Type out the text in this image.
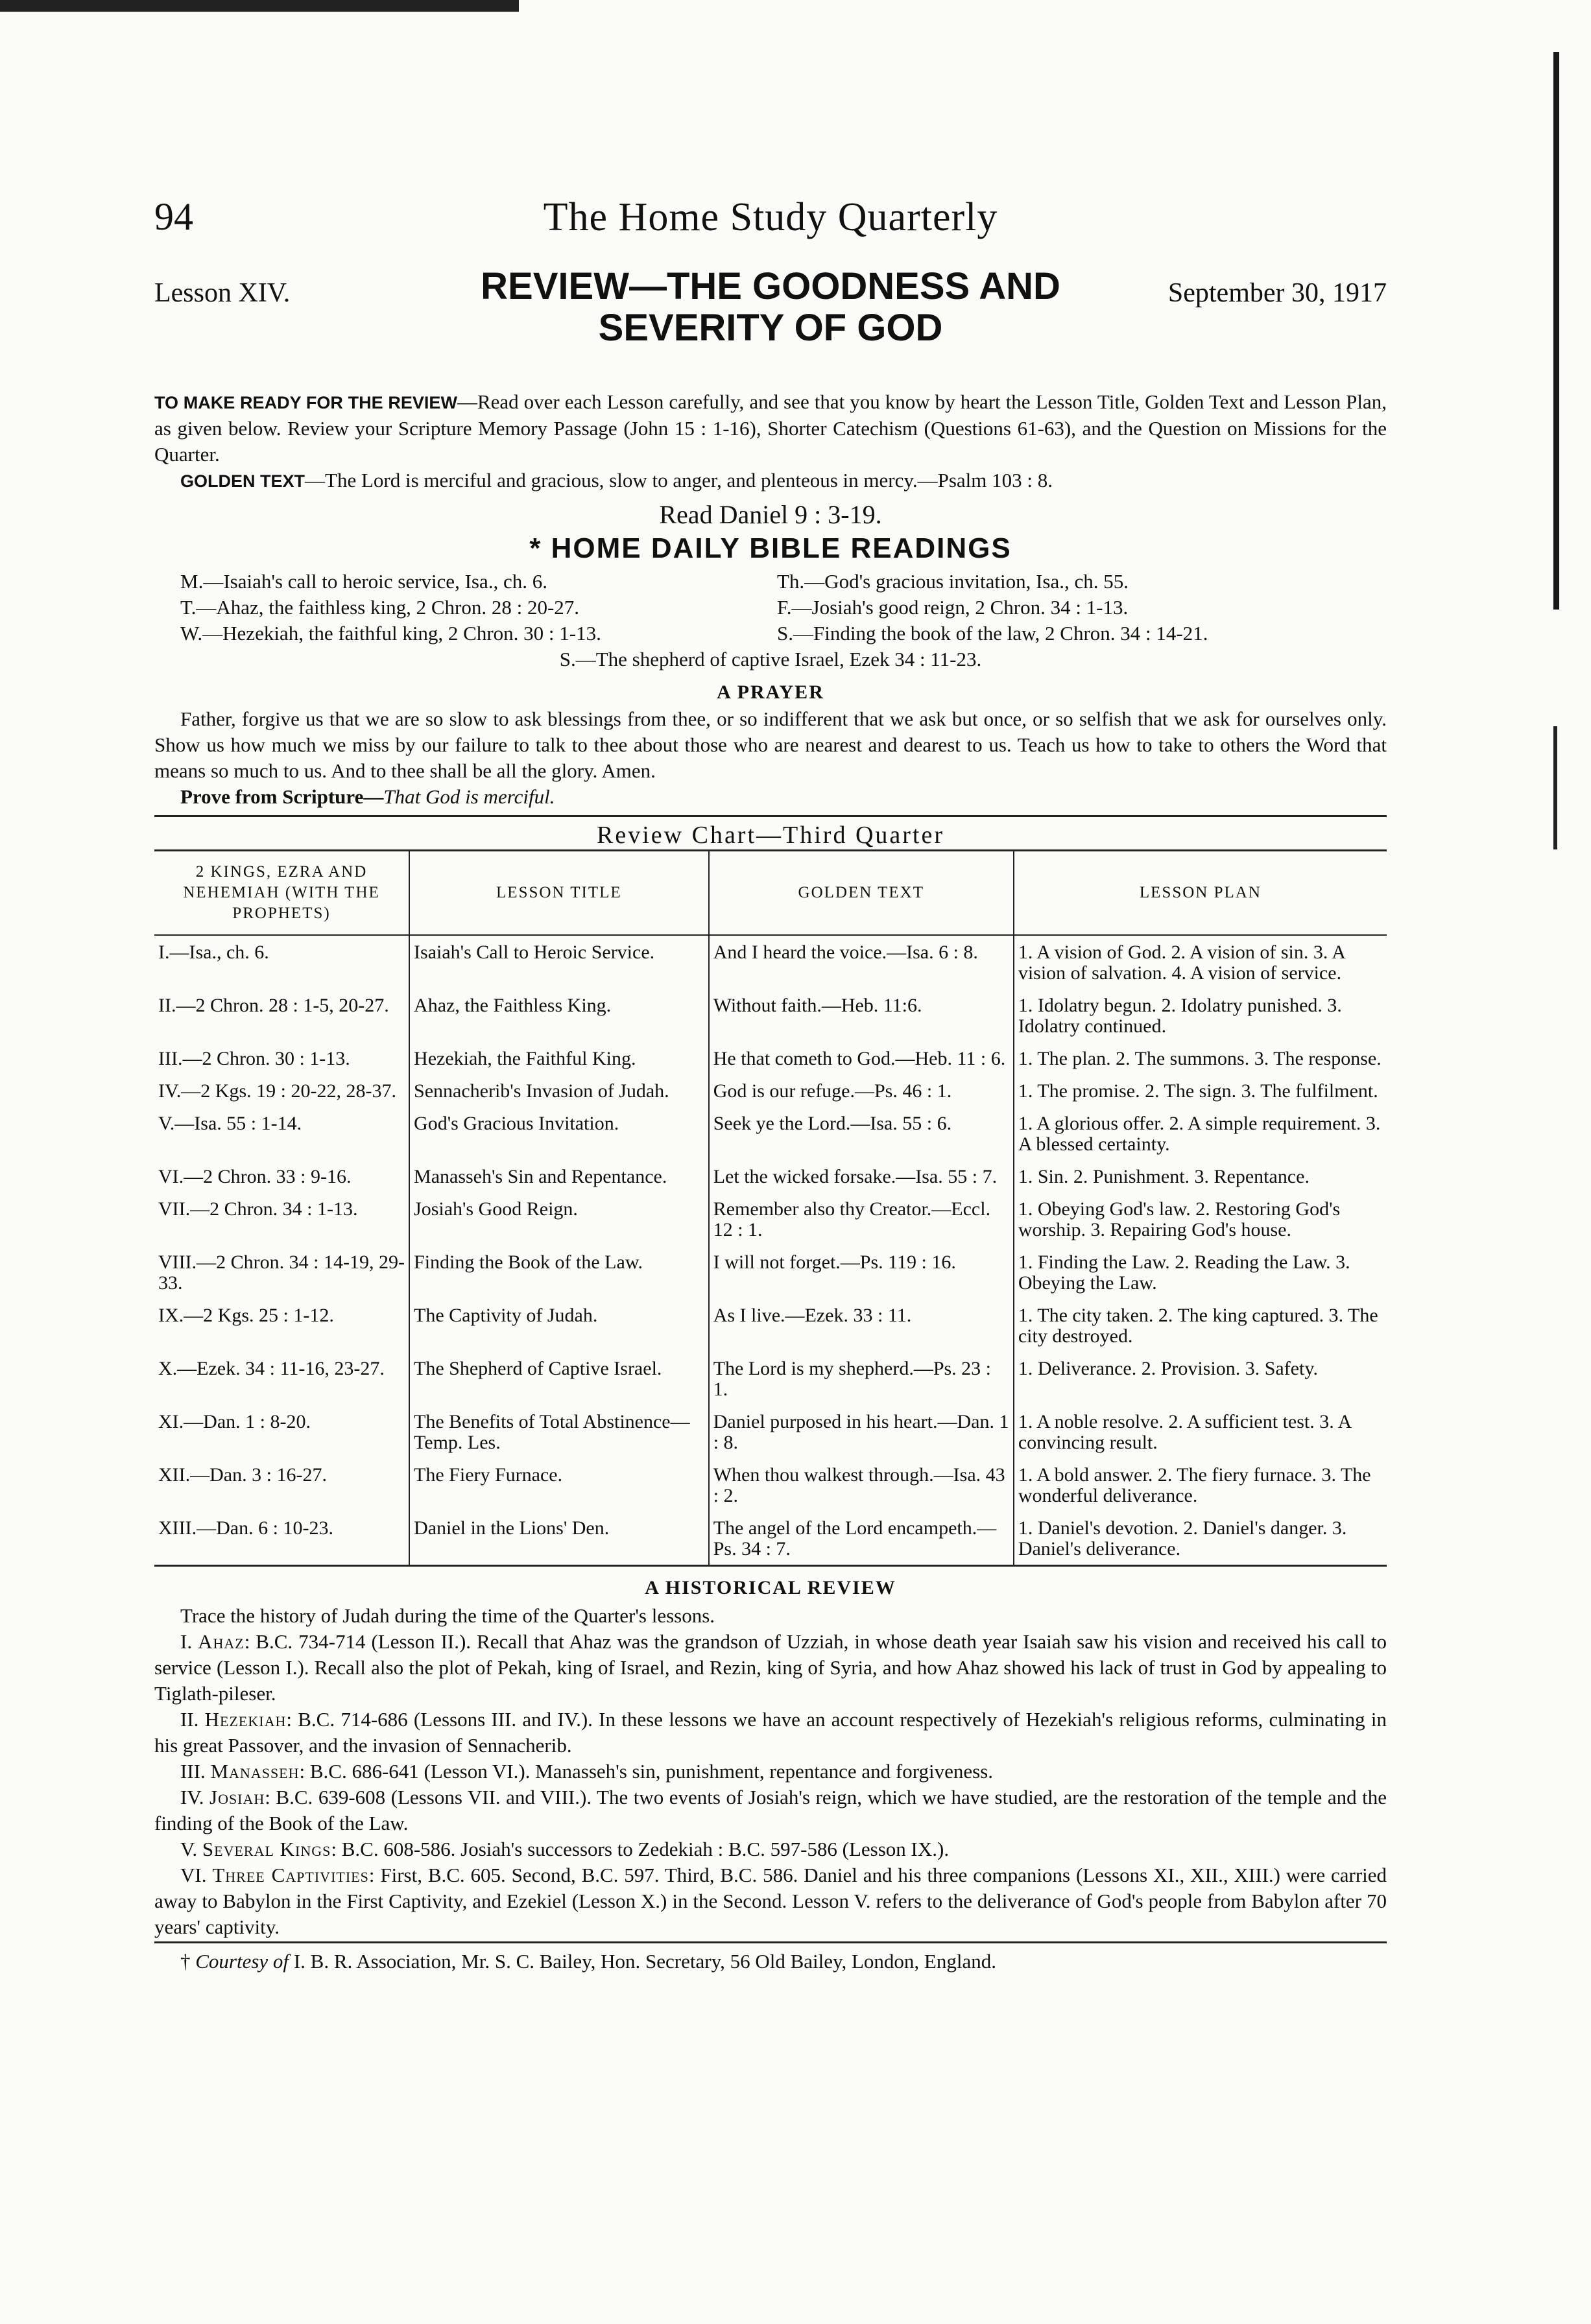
94	The Home Study Quarterly
Lesson XIV.	REVIEW—THE GOODNESS AND
SEVERITY OF GOD
September 30, 1917

TO MAKE READY FOR THE REVIEW—Read over each Lesson carefully, and see that you know by heart the Lesson Title, Golden Text and Lesson Plan, as given below. Review your Scripture Memory Passage (John 15 : 1-16), Shorter Catechism (Questions 61-63), and the Question on Missions for the Quarter.

GOLDEN TEXT—The Lord is merciful and gracious, slow to anger, and plenteous in mercy.—Psalm 103 : 8.

Read Daniel 9 : 3-19.
* HOME DAILY BIBLE READINGS
M.—Isaiah's call to heroic service, Isa., ch. 6.	Th.—God's gracious invitation, Isa., ch. 55.
T.—Ahaz, the faithless king, 2 Chron. 28 : 20-27.	F.—Josiah's good reign, 2 Chron. 34 : 1-13.
W.—Hezekiah, the faithful king, 2 Chron. 30 : 1-13.	S.—Finding the book of the law, 2 Chron. 34 : 14-21.
S.—The shepherd of captive Israel, Ezek 34 : 11-23.
A PRAYER

Father, forgive us that we are so slow to ask blessings from thee, or so indifferent that we ask but once, or so selfish that we ask for ourselves only. Show us how much we miss by our failure to talk to thee about those who are nearest and dearest to us. Teach us how to take to others the Word that means so much to us. And to thee shall be all the glory. Amen.

Prove from Scripture—That God is merciful.
Review Chart—Third Quarter
2 KINGS, EZRA AND NEHEMIAH (WITH THE PROPHETS)	LESSON TITLE	GOLDEN TEXT	LESSON PLAN
I.—Isa., ch. 6.	Isaiah's Call to Heroic Service.	And I heard the voice.—Isa. 6 : 8.	1. A vision of God. 2. A vision of sin. 3. A vision of salvation. 4. A vision of service.
II.—2 Chron. 28 : 1-5, 20-27.	Ahaz, the Faithless King.	Without faith.—Heb. 11:6.	1. Idolatry begun. 2. Idolatry punished. 3. Idolatry continued.
III.—2 Chron. 30 : 1-13.	Hezekiah, the Faithful King.	He that cometh to God.—Heb. 11 : 6.	1. The plan. 2. The summons. 3. The response.
IV.—2 Kgs. 19 : 20-22, 28-37.	Sennacherib's Invasion of Judah.	God is our refuge.—Ps. 46 : 1.	1. The promise. 2. The sign. 3. The fulfilment.
V.—Isa. 55 : 1-14.	God's Gracious Invitation.	Seek ye the Lord.—Isa. 55 : 6.	1. A glorious offer. 2. A simple requirement. 3. A blessed certainty.
VI.—2 Chron. 33 : 9-16.	Manasseh's Sin and Repentance.	Let the wicked forsake.—Isa. 55 : 7.	1. Sin. 2. Punishment. 3. Repentance.
VII.—2 Chron. 34 : 1-13.	Josiah's Good Reign.	Remember also thy Creator.—Eccl. 12 : 1.	1. Obeying God's law. 2. Restoring God's worship. 3. Repairing God's house.
VIII.—2 Chron. 34 : 14-19, 29-33.	Finding the Book of the Law.	I will not forget.—Ps. 119 : 16.	1. Finding the Law. 2. Reading the Law. 3. Obeying the Law.
IX.—2 Kgs. 25 : 1-12.	The Captivity of Judah.	As I live.—Ezek. 33 : 11.	1. The city taken. 2. The king captured. 3. The city destroyed.
X.—Ezek. 34 : 11-16, 23-27.	The Shepherd of Captive Israel.	The Lord is my shepherd.—Ps. 23 : 1.	1. Deliverance. 2. Provision. 3. Safety.
XI.—Dan. 1 : 8-20.	The Benefits of Total Abstinence—Temp. Les.	Daniel purposed in his heart.—Dan. 1 : 8.	1. A noble resolve. 2. A sufficient test. 3. A convincing result.
XII.—Dan. 3 : 16-27.	The Fiery Furnace.	When thou walkest through.—Isa. 43 : 2.	1. A bold answer. 2. The fiery furnace. 3. The wonderful deliverance.
XIII.—Dan. 6 : 10-23.	Daniel in the Lions' Den.	The angel of the Lord encampeth.—Ps. 34 : 7.	1. Daniel's devotion. 2. Daniel's danger. 3. Daniel's deliverance.
A HISTORICAL REVIEW

Trace the history of Judah during the time of the Quarter's lessons.

I. Ahaz: B.C. 734-714 (Lesson II.). Recall that Ahaz was the grandson of Uzziah, in whose death year Isaiah saw his vision and received his call to service (Lesson I.). Recall also the plot of Pekah, king of Israel, and Rezin, king of Syria, and how Ahaz showed his lack of trust in God by appealing to Tiglath-pileser.

II. Hezekiah: B.C. 714-686 (Lessons III. and IV.). In these lessons we have an account respectively of Hezekiah's religious reforms, culminating in his great Passover, and the invasion of Sennacherib.

III. Manasseh: B.C. 686-641 (Lesson VI.). Manasseh's sin, punishment, repentance and forgiveness.

IV. Josiah: B.C. 639-608 (Lessons VII. and VIII.). The two events of Josiah's reign, which we have studied, are the restoration of the temple and the finding of the Book of the Law.

V. Several Kings: B.C. 608-586. Josiah's successors to Zedekiah : B.C. 597-586 (Lesson IX.).

VI. Three Captivities: First, B.C. 605. Second, B.C. 597. Third, B.C. 586. Daniel and his three companions (Lessons XI., XII., XIII.) were carried away to Babylon in the First Captivity, and Ezekiel (Lesson X.) in the Second. Lesson V. refers to the deliverance of God's people from Babylon after 70 years' captivity.

† Courtesy of I. B. R. Association, Mr. S. C. Bailey, Hon. Secretary, 56 Old Bailey, London, England.
